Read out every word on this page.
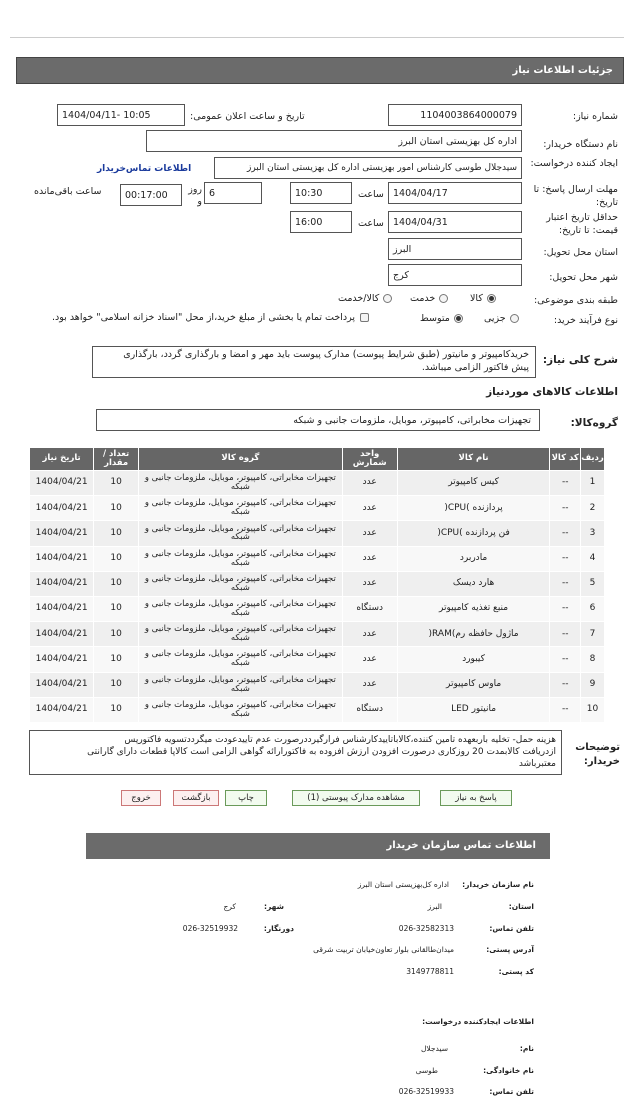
جزئیات اطلاعات نیاز
شماره نیاز:
1104003864000079
تاریخ و ساعت اعلان عمومی:
1404/04/11- 10:05
نام دستگاه خریدار:
اداره کل بهزیستی استان البرز
ایجاد کننده درخواست:
سیدجلال طوسی کارشناس امور بهزیستی اداره کل بهزیستی استان البرز
اطلاعات تماس‌خریدار
مهلت ارسال پاسخ: تا تاریخ:
1404/04/17
ساعت
10:30
6
روز و
00:17:00
ساعت باقی‌مانده
حداقل تاریخ اعتبار قیمت: تا تاریخ:
1404/04/31
ساعت
16:00
استان محل تحویل:
البرز
شهر محل تحویل:
کرج
طبقه بندی موضوعی:
کالا
خدمت
کالا/خدمت
نوع فرآیند خرید:
جزیی
متوسط
پرداخت تمام یا بخشی از مبلغ خرید،از محل "اسناد خزانه اسلامی" خواهد بود.
شرح کلی نیاز:
خریدکامپیوتر و مانیتور (طبق شرایط پیوست) مدارک پیوست باید مهر و امضا و بارگذاری گردد، بارگذاری
پیش فاکتور الزامی میباشد.
اطلاعات کالاهای موردنیاز
گروه‌کالا:
تجهیزات مخابراتی، کامپیوتر، موبایل، ملزومات جانبی و شبکه
ردیف	کد کالا	نام کالا	واحد شمارش	گروه کالا	تعداد / مقدار	تاریخ نیاز
1	--	کیس کامپیوتر	عدد	تجهیزات مخابراتی، کامپیوتر، موبایل، ملزومات جانبی و شبکه	10	1404/04/21
2	--	پردازنده )CPU(	عدد	تجهیزات مخابراتی، کامپیوتر، موبایل، ملزومات جانبی و شبکه	10	1404/04/21
3	--	فن پردازنده )CPU(	عدد	تجهیزات مخابراتی، کامپیوتر، موبایل، ملزومات جانبی و شبکه	10	1404/04/21
4	--	مادربرد	عدد	تجهیزات مخابراتی، کامپیوتر، موبایل، ملزومات جانبی و شبکه	10	1404/04/21
5	--	هارد دیسک	عدد	تجهیزات مخابراتی، کامپیوتر، موبایل، ملزومات جانبی و شبکه	10	1404/04/21
6	--	منبع تغذیه کامپیوتر	دستگاه	تجهیزات مخابراتی، کامپیوتر، موبایل، ملزومات جانبی و شبکه	10	1404/04/21
7	--	ماژول حافظه رم)RAM(	عدد	تجهیزات مخابراتی، کامپیوتر، موبایل، ملزومات جانبی و شبکه	10	1404/04/21
8	--	کیبورد	عدد	تجهیزات مخابراتی، کامپیوتر، موبایل، ملزومات جانبی و شبکه	10	1404/04/21
9	--	ماوس کامپیوتر	عدد	تجهیزات مخابراتی، کامپیوتر، موبایل، ملزومات جانبی و شبکه	10	1404/04/21
10	--	مانیتور LED	دستگاه	تجهیزات مخابراتی، کامپیوتر، موبایل، ملزومات جانبی و شبکه	10	1404/04/21
توضیحات خریدار:
هزینه حمل- تخلیه باربعهده تامین کننده،کالاباتاییدکارشناس فرارگیرددرصورت عدم تاییدعودت میگرددتسویه فاکتورپس
ازدریافت کالابمدت 20 روزکاری درصورت افزودن ارزش افزوده به فاکتورارائه گواهی الزامی است کالاپا قطعات دارای گارانتی
معتبرباشد
پاسخ به نیاز
مشاهده مدارک پیوستی (1)
چاپ
بازگشت
خروج
اطلاعات تماس سازمان خریدار
نام سازمان خریدار:
اداره کل‌بهزیستی استان البرز
استان:
البرز
شهر:
کرج
تلفن تماس:
026-32582313
دورنگار:
026-32519932
آدرس پستی:
میدان‌طالقانی بلوار تعاون‌خیابان تربیت شرقی
کد پستی:
3149778811
اطلاعات ایجادکننده درخواست:
نام:
سیدجلال
نام خانوادگی:
طوسی
تلفن تماس:
026-32519933
